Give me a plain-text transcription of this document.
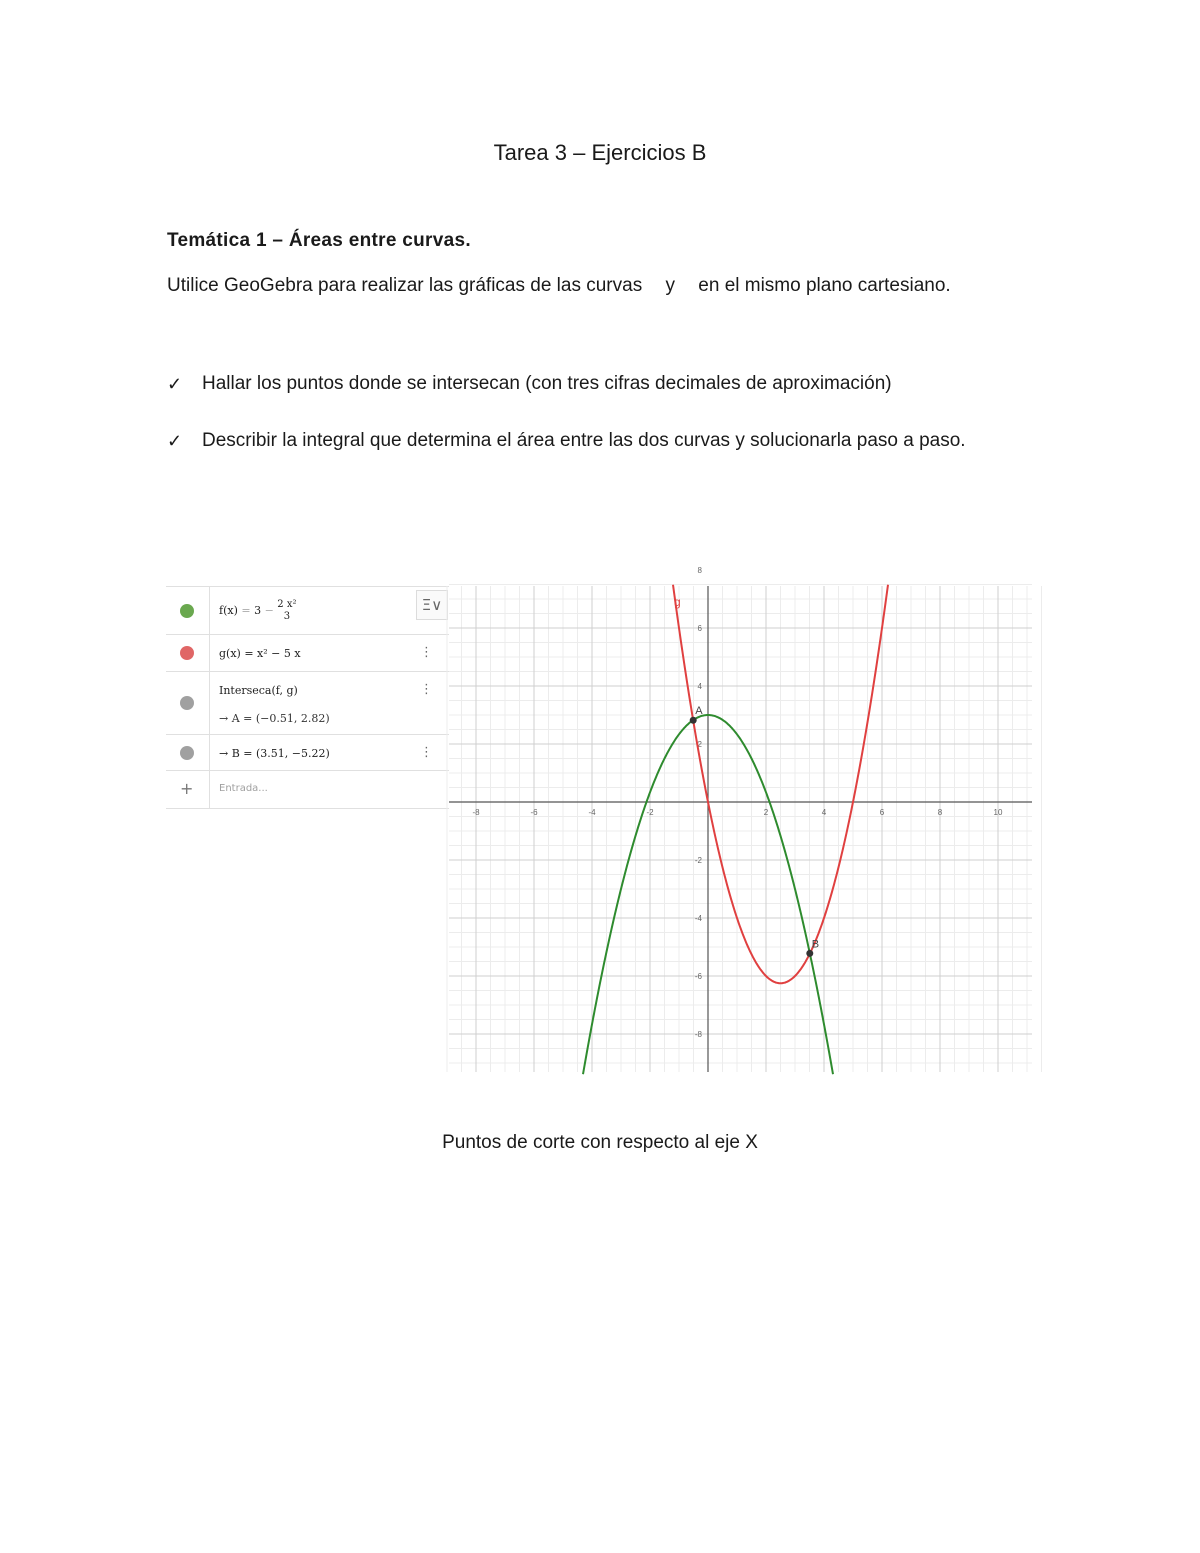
Tarea 3 – Ejercicios B
Temática 1 – Áreas entre curvas.
Utilice GeoGebra para realizar las gráficas de las curvas y en el mismo plano cartesiano.
✓ Hallar los puntos donde se intersecan (con tres cifras decimales de aproximación)
✓ Describir la integral que determina el área entre las dos curvas y solucionarla paso a paso.
f(x) = 3 − 2 x²
3
g(x) = x² − 5 x	⋮
Interseca(f, g)
→ A = (−0.51, 2.82)
⋮
→ B = (3.51, −5.22)	⋮
+	Entrada...
Ξ∨
-8	-6	-4	-2	2	4	6	8	10
-8
-6
-4
-2
2
4
6
8
A
B
g
Puntos de corte con respecto al eje X
